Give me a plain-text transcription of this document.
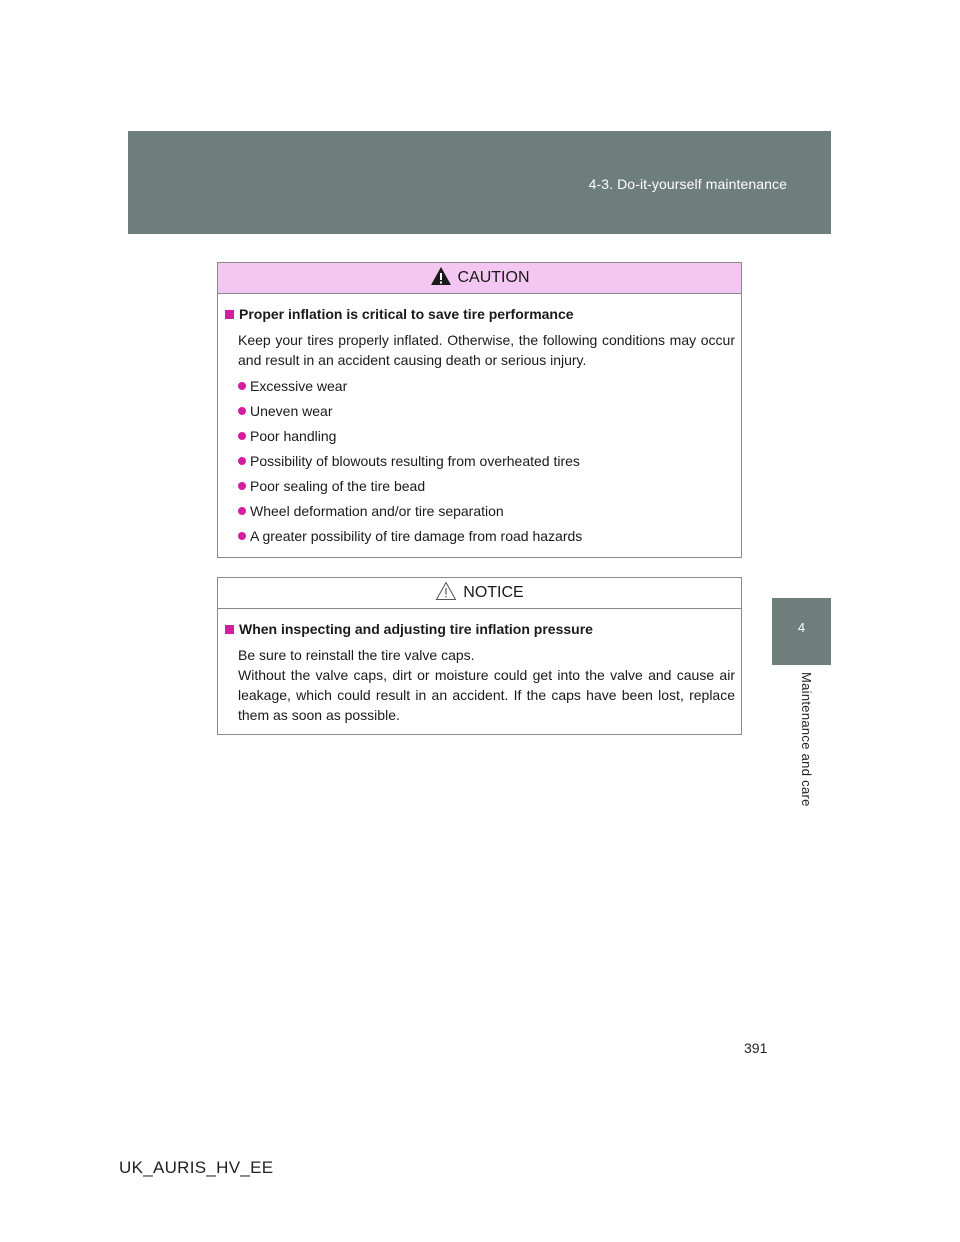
4-3. Do-it-yourself maintenance
4
Maintenance and care
CAUTION
Proper inflation is critical to save tire performance
Keep your tires properly inflated. Otherwise, the following conditions may occur and result in an accident causing death or serious injury.
Excessive wear
Uneven wear
Poor handling
Possibility of blowouts resulting from overheated tires
Poor sealing of the tire bead
Wheel deformation and/or tire separation
A greater possibility of tire damage from road hazards
NOTICE
When inspecting and adjusting tire inflation pressure
Be sure to reinstall the tire valve caps.
Without the valve caps, dirt or moisture could get into the valve and cause air leakage, which could result in an accident. If the caps have been lost, replace them as soon as possible.
391
UK_AURIS_HV_EE
